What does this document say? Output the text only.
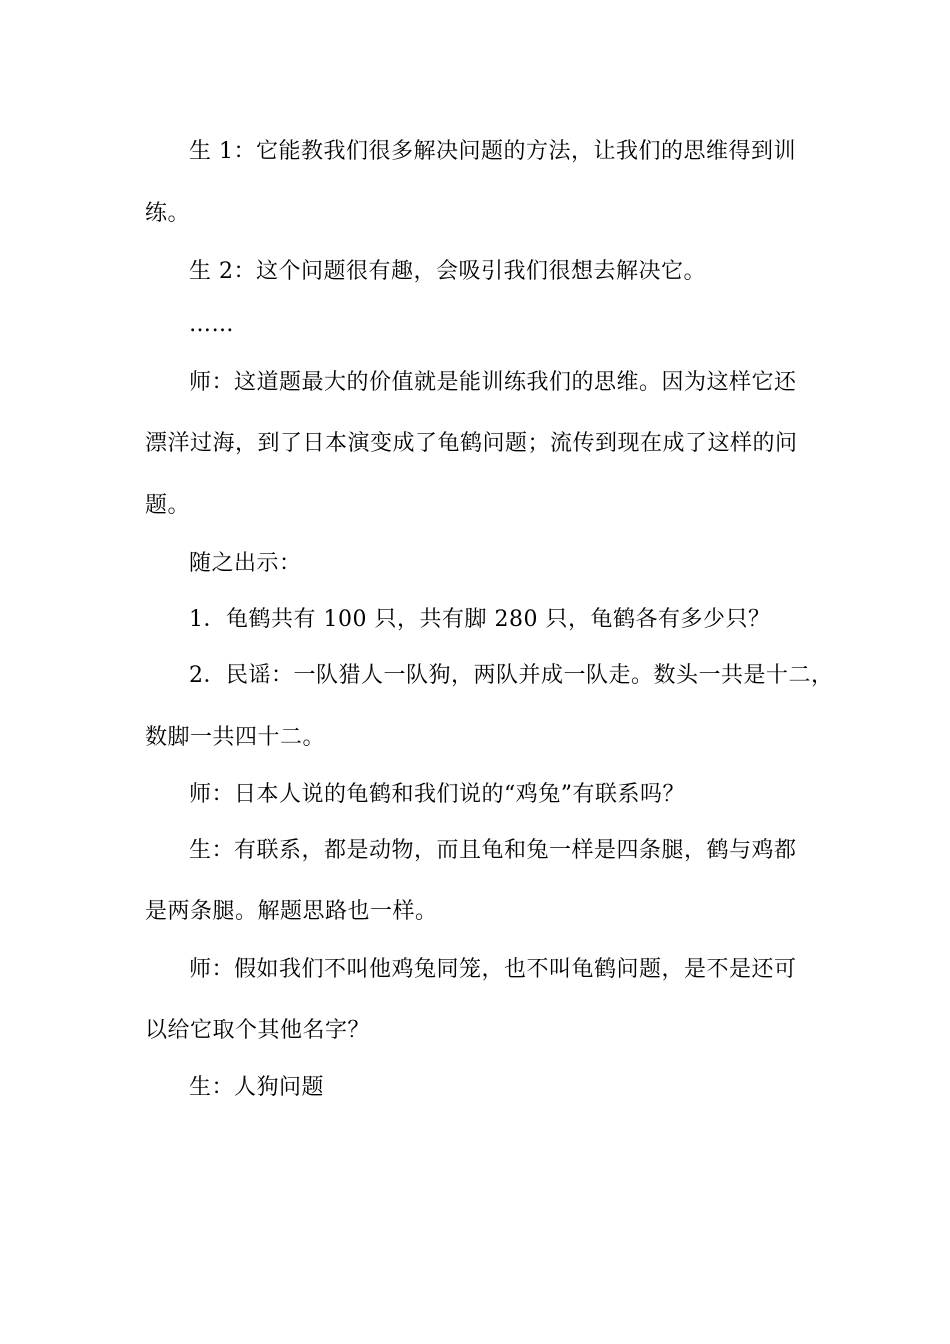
生 1：它能教我们很多解决问题的方法，让我们的思维得到训
练。
生 2：这个问题很有趣，会吸引我们很想去解决它。
……
师：这道题最大的价值就是能训练我们的思维。因为这样它还
漂洋过海，到了日本演变成了龟鹤问题；流传到现在成了这样的问
题。
随之出示：
1．龟鹤共有 100 只，共有脚 280 只，龟鹤各有多少只？
2．民谣：一队猎人一队狗，两队并成一队走。数头一共是十二，
数脚一共四十二。
师：日本人说的龟鹤和我们说的“鸡兔”有联系吗？
生：有联系，都是动物，而且龟和兔一样是四条腿，鹤与鸡都
是两条腿。解题思路也一样。
师：假如我们不叫他鸡兔同笼，也不叫龟鹤问题，是不是还可
以给它取个其他名字？
生：人狗问题
